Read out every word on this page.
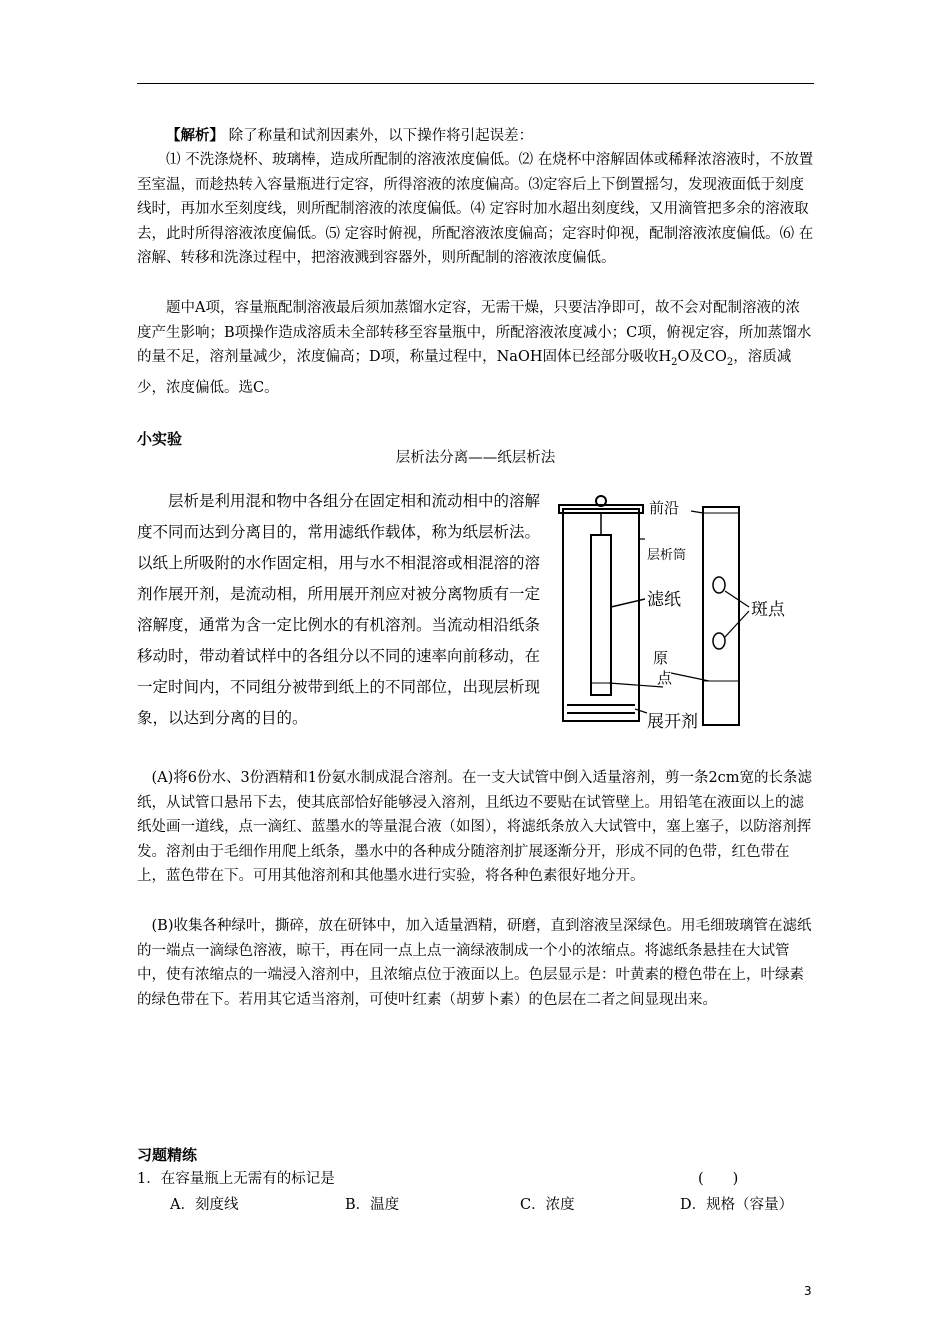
【解析】 除了称量和试剂因素外，以下操作将引起误差：

⑴ 不洗涤烧杯、玻璃棒，造成所配制的溶液浓度偏低。⑵ 在烧杯中溶解固体或稀释浓溶液时，不放置至室温，而趁热转入容量瓶进行定容，所得溶液的浓度偏高。⑶定容后上下倒置摇匀，发现液面低于刻度线时，再加水至刻度线，则所配制溶液的浓度偏低。⑷ 定容时加水超出刻度线，又用滴管把多余的溶液取去，此时所得溶液浓度偏低。⑸ 定容时俯视，所配溶液浓度偏高；定容时仰视，配制溶液浓度偏低。⑹ 在溶解、转移和洗涤过程中，把溶液溅到容器外，则所配制的溶液浓度偏低。

题中A项，容量瓶配制溶液最后须加蒸馏水定容，无需干燥，只要洁净即可，故不会对配制溶液的浓度产生影响；B项操作造成溶质未全部转移至容量瓶中，所配溶液浓度减小；C项，俯视定容，所加蒸馏水的量不足，溶剂量减少，浓度偏高；D项，称量过程中，NaOH固体已经部分吸收$H_2O$及$CO_2$，溶质减少，浓度偏低。选C。

小实验
层析法分离——纸层析法

层析是利用混和物中各组分在固定相和流动相中的溶解度不同而达到分离目的，常用滤纸作载体，称为纸层析法。以纸上所吸附的水作固定相，用与水不相混溶或相混溶的溶剂作展开剂，是流动相，所用展开剂应对被分离物质有一定溶解度，通常为含一定比例水的有机溶剂。当流动相沿纸条移动时，带动着试样中的各组分以不同的速率向前移动，在一定时间内，不同组分被带到纸上的不同部位，出现层析现象，以达到分离的目的。

前沿
层析筒
滤纸	斑点
原
点
展开剂

(A)将6份水、3份酒精和1份氨水制成混合溶剂。在一支大试管中倒入适量溶剂，剪一条2cm宽的长条滤纸，从试管口悬吊下去，使其底部恰好能够浸入溶剂，且纸边不要贴在试管壁上。用铅笔在液面以上的滤纸处画一道线，点一滴红、蓝墨水的等量混合液（如图），将滤纸条放入大试管中，塞上塞子，以防溶剂挥发。溶剂由于毛细作用爬上纸条，墨水中的各种成分随溶剂扩展逐渐分开，形成不同的色带，红色带在上，蓝色带在下。可用其他溶剂和其他墨水进行实验，将各种色素很好地分开。

(B)收集各种绿叶，撕碎，放在研钵中，加入适量酒精，研磨，直到溶液呈深绿色。用毛细玻璃管在滤纸的一端点一滴绿色溶液，晾干，再在同一点上点一滴绿液制成一个小的浓缩点。将滤纸条悬挂在大试管中，使有浓缩点的一端浸入溶剂中，且浓缩点位于液面以上。色层显示是：叶黄素的橙色带在上，叶绿素的绿色带在下。若用其它适当溶剂，可使叶红素（胡萝卜素）的色层在二者之间显现出来。

习题精练
1．在容量瓶上无需有的标记是	(　　)
A．刻度线	B．温度	C．浓度	D．规格（容量）
3
